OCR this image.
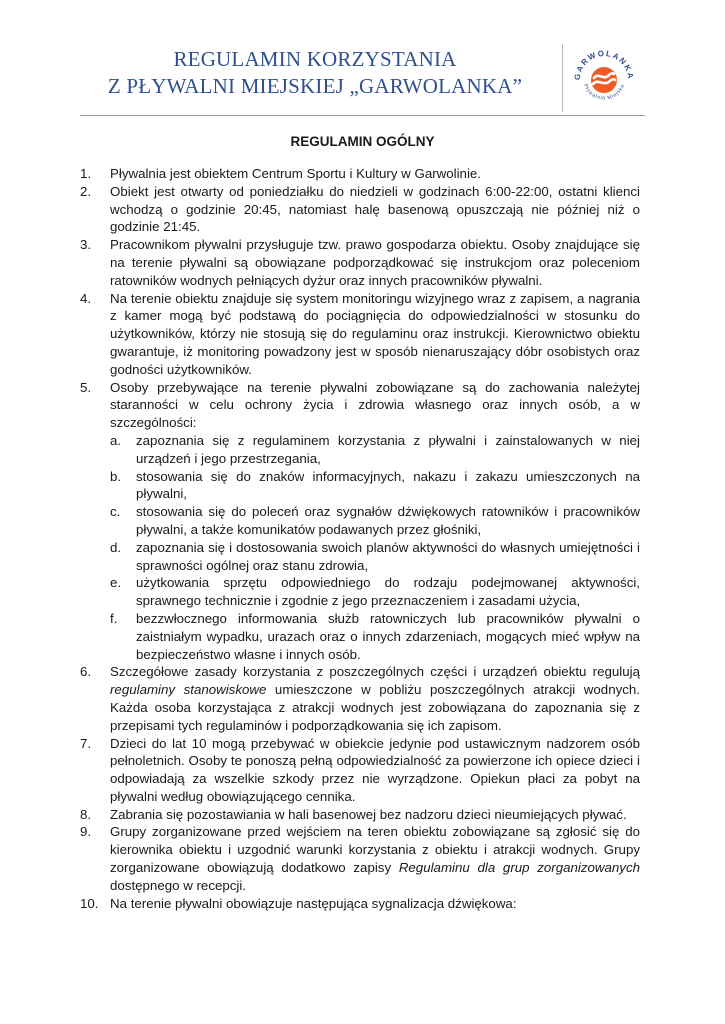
REGULAMIN KORZYSTANIA
Z PŁYWALNI MIEJSKIEJ „GARWOLANKA”	GARWOLANKA
Pływalnia Miejska
REGULAMIN OGÓLNY
1.	Pływalnia jest obiektem Centrum Sportu i Kultury w Garwolinie.
2.	Obiekt jest otwarty od poniedziałku do niedzieli w godzinach 6:00-22:00, ostatni klienci wchodzą o godzinie 20:45, natomiast halę basenową opuszczają nie później niż o godzinie 21:45.
3.	Pracownikom pływalni przysługuje tzw. prawo gospodarza obiektu. Osoby znajdujące się na terenie pływalni są obowiązane podporządkować się instrukcjom oraz poleceniom ratowników wodnych pełniących dyżur oraz innych pracowników pływalni.
4.	Na terenie obiektu znajduje się system monitoringu wizyjnego wraz z zapisem, a nagrania z kamer mogą być podstawą do pociągnięcia do odpowiedzialności w stosunku do użytkowników, którzy nie stosują się do regulaminu oraz instrukcji. Kierownictwo obiektu gwarantuje, iż monitoring powadzony jest w sposób nienaruszający dóbr osobistych oraz godności użytkowników.
5.	Osoby przebywające na terenie pływalni zobowiązane są do zachowania należytej staranności w celu ochrony życia i zdrowia własnego oraz innych osób, a w szczególności:
a. zapoznania się z regulaminem korzystania z pływalni i zainstalowanych w niej urządzeń i jego przestrzegania,
b. stosowania się do znaków informacyjnych, nakazu i zakazu umieszczonych na pływalni,
c. stosowania się do poleceń oraz sygnałów dźwiękowych ratowników i pracowników pływalni, a także komunikatów podawanych przez głośniki,
d. zapoznania się i dostosowania swoich planów aktywności do własnych umiejętności i sprawności ogólnej oraz stanu zdrowia,
e. użytkowania sprzętu odpowiedniego do rodzaju podejmowanej aktywności, sprawnego technicznie i zgodnie z jego przeznaczeniem i zasadami użycia,
f. bezzwłocznego informowania służb ratowniczych lub pracowników pływalni o zaistniałym wypadku, urazach oraz o innych zdarzeniach, mogących mieć wpływ na bezpieczeństwo własne i innych osób.
6.	Szczegółowe zasady korzystania z poszczególnych części i urządzeń obiektu regulują regulaminy stanowiskowe umieszczone w pobliżu poszczególnych atrakcji wodnych. Każda osoba korzystająca z atrakcji wodnych jest zobowiązana do zapoznania się z przepisami tych regulaminów i podporządkowania się ich zapisom.
7.	Dzieci do lat 10 mogą przebywać w obiekcie jedynie pod ustawicznym nadzorem osób pełnoletnich. Osoby te ponoszą pełną odpowiedzialność za powierzone ich opiece dzieci i odpowiadają za wszelkie szkody przez nie wyrządzone. Opiekun płaci za pobyt na pływalni według obowiązującego cennika.
8.	Zabrania się pozostawiania w hali basenowej bez nadzoru dzieci nieumiejących pływać.
9.	Grupy zorganizowane przed wejściem na teren obiektu zobowiązane są zgłosić się do kierownika obiektu i uzgodnić warunki korzystania z obiektu i atrakcji wodnych. Grupy zorganizowane obowiązują dodatkowo zapisy Regulaminu dla grup zorganizowanych dostępnego w recepcji.
10. Na terenie pływalni obowiązuje następująca sygnalizacja dźwiękowa:
